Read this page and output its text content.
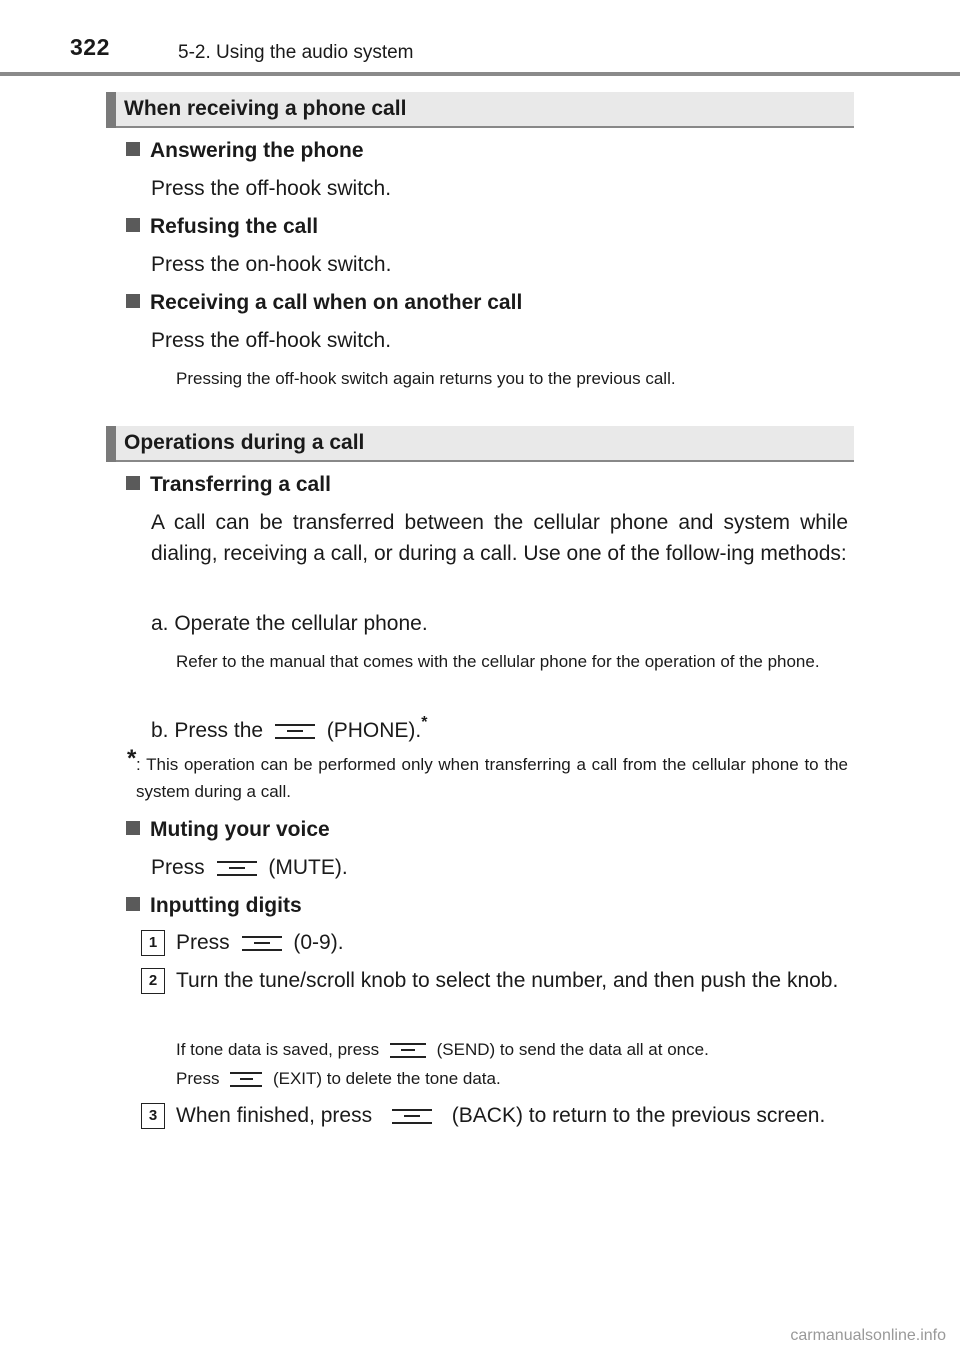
322	5-2. Using the audio system
When receiving a phone call
Answering the phone
Press the off-hook switch.
Refusing the call
Press the on-hook switch.
Receiving a call when on another call
Press the off-hook switch.
Pressing the off-hook switch again returns you to the previous call.
Operations during a call
Transferring a call
A call can be transferred between the cellular phone and system while dialing, receiving a call, or during a call. Use one of the follow-ing methods:
a. Operate the cellular phone.
Refer to the manual that comes with the cellular phone for the operation of the phone.
b. Press the	(PHONE).*
* : This operation can be performed only when transferring a call from the cellular phone to the system during a call.
Muting your voice
Press	(MUTE).
Inputting digits
1 Press	(0-9).
2 Turn the tune/scroll knob to select the number, and then push the knob.
If tone data is saved, press	(SEND) to send the data all at once.
Press	(EXIT) to delete the tone data.
3 When finished, press	(BACK) to return to the previous screen.
carmanualsonline.info
